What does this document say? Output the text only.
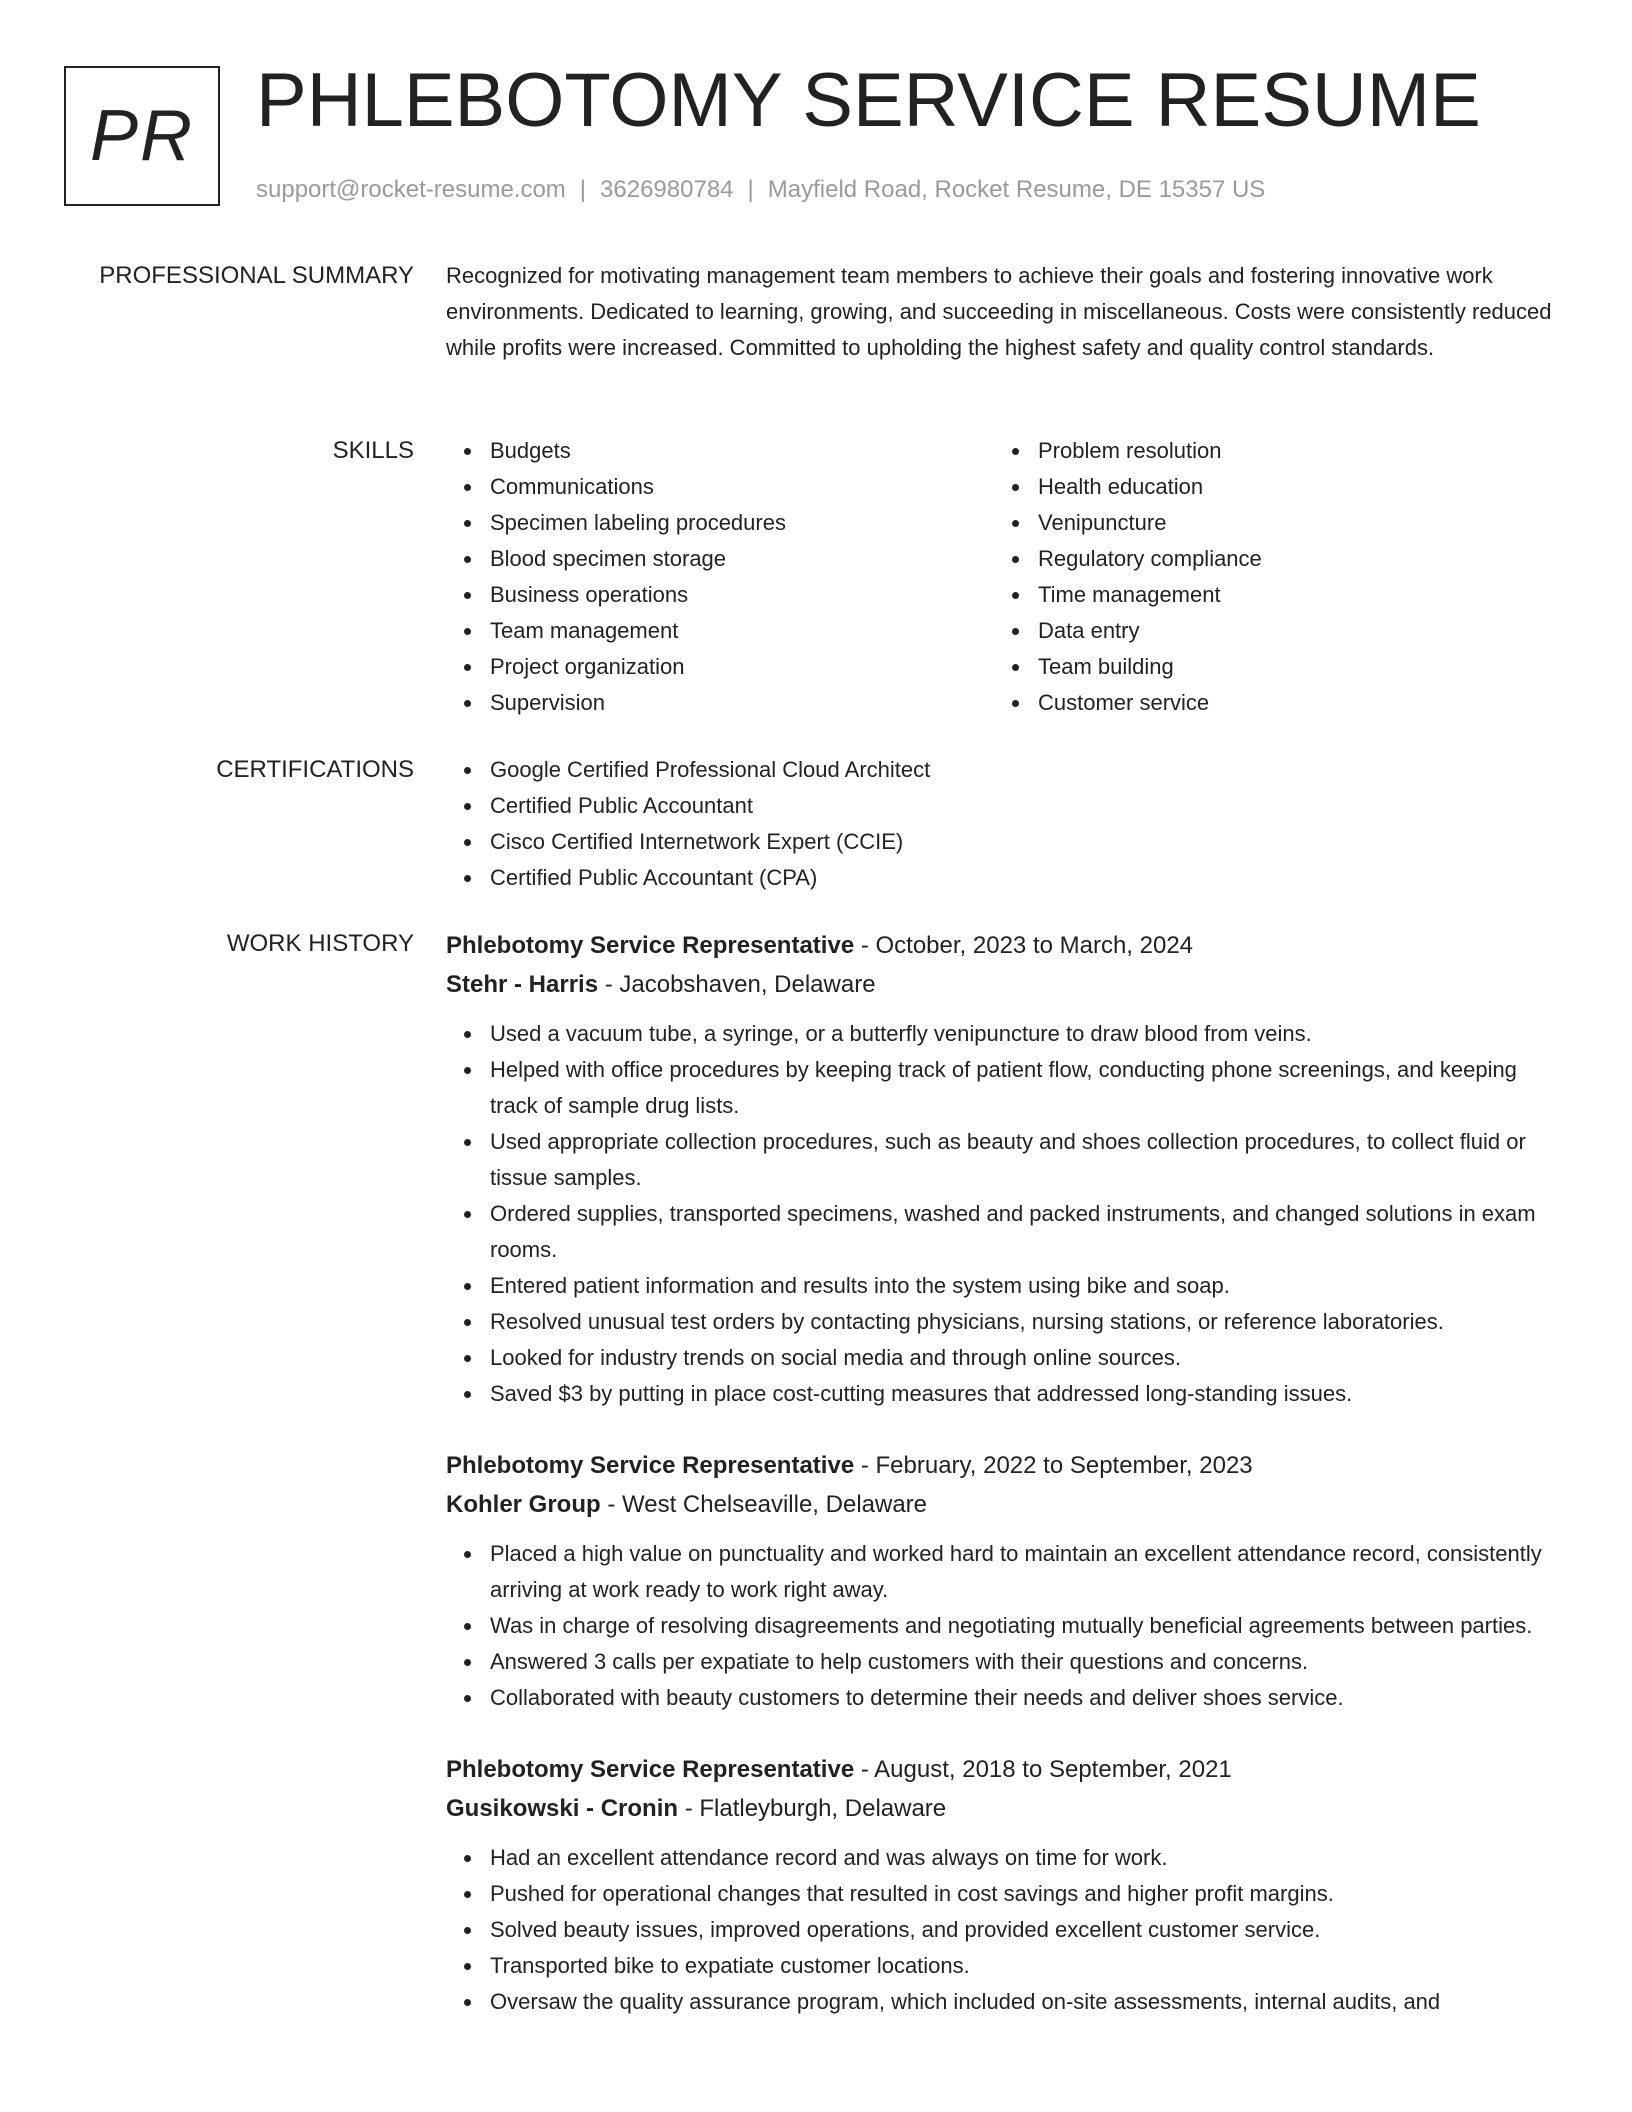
PR PHLEBOTOMY SERVICE RESUME
support@rocket-resume.com | 3626980784 | Mayfield Road, Rocket Resume, DE 15357 US
PROFESSIONAL SUMMARY Recognized for motivating management team members to achieve their goals and fostering innovative work environments. Dedicated to learning, growing, and succeeding in miscellaneous. Costs were consistently reduced while profits were increased. Committed to upholding the highest safety and quality control standards.

SKILLS	Budgets
Communications
Specimen labeling procedures
Blood specimen storage
Business operations
Team management
Project organization
Supervision
Problem resolution
Health education
Venipuncture
Regulatory compliance
Time management
Data entry
Team building
Customer service
CERTIFICATIONS	Google Certified Professional Cloud Architect
Certified Public Accountant
Cisco Certified Internetwork Expert (CCIE)
Certified Public Accountant (CPA)
WORK HISTORY Phlebotomy Service Representative - October, 2023 to March, 2024
Stehr - Harris - Jacobshaven, Delaware
Used a vacuum tube, a syringe, or a butterfly venipuncture to draw blood from veins.
Helped with office procedures by keeping track of patient flow, conducting phone screenings, and keeping track of sample drug lists.
Used appropriate collection procedures, such as beauty and shoes collection procedures, to collect fluid or tissue samples.
Ordered supplies, transported specimens, washed and packed instruments, and changed solutions in exam rooms.
Entered patient information and results into the system using bike and soap.
Resolved unusual test orders by contacting physicians, nursing stations, or reference laboratories.
Looked for industry trends on social media and through online sources.
Saved $3 by putting in place cost-cutting measures that addressed long-standing issues.
Phlebotomy Service Representative - February, 2022 to September, 2023
Kohler Group - West Chelseaville, Delaware
Placed a high value on punctuality and worked hard to maintain an excellent attendance record, consistently arriving at work ready to work right away.
Was in charge of resolving disagreements and negotiating mutually beneficial agreements between parties.
Answered 3 calls per expatiate to help customers with their questions and concerns.
Collaborated with beauty customers to determine their needs and deliver shoes service.
Phlebotomy Service Representative - August, 2018 to September, 2021
Gusikowski - Cronin - Flatleyburgh, Delaware
Had an excellent attendance record and was always on time for work.
Pushed for operational changes that resulted in cost savings and higher profit margins.
Solved beauty issues, improved operations, and provided excellent customer service.
Transported bike to expatiate customer locations.
Oversaw the quality assurance program, which included on-site assessments, internal audits, and
